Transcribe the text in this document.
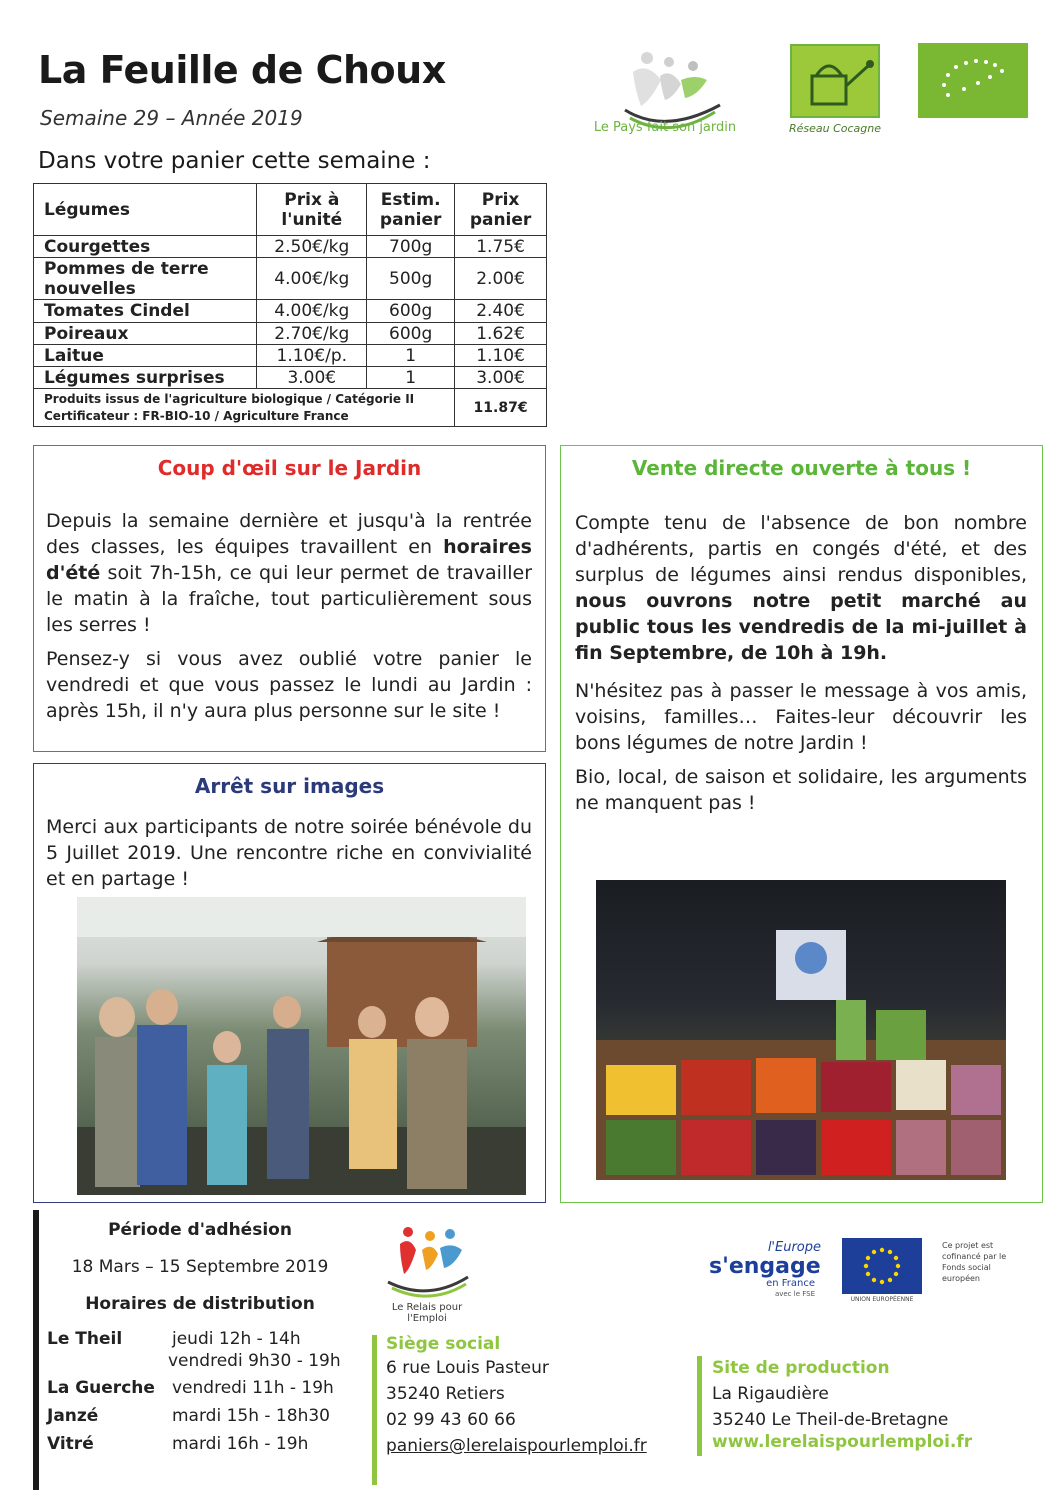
La Feuille de Choux
Semaine 29 – Année 2019
Dans votre panier cette semaine :
Le Pays fait son jardin	Réseau Cocagne
Légumes	Prix à l'unité	Estim. panier	Prix panier
Courgettes	2.50€/kg	700g	1.75€
Pommes de terre nouvelles	4.00€/kg	500g	2.00€
Tomates Cindel	4.00€/kg	600g	2.40€
Poireaux	2.70€/kg	600g	1.62€
Laitue	1.10€/p.	1	1.10€
Légumes surprises	3.00€	1	3.00€

Produits issus de l'agriculture biologique / Catégorie II
Certificateur : FR-BIO-10 / Agriculture France			11.87€
Coup d'œil sur le Jardin
Depuis la semaine dernière et jusqu'à la rentrée des classes, les équipes travaillent en horaires d'été soit 7h-15h, ce qui leur permet de travailler le matin à la fraîche, tout particulièrement sous les serres !
Pensez-y si vous avez oublié votre panier le vendredi et que vous passez le lundi au Jardin : après 15h, il n'y aura plus personne sur le site !
Arrêt sur images
Merci aux participants de notre soirée bénévole du 5 Juillet 2019. Une rencontre riche en convivialité et en partage !
Vente directe ouverte à tous !
Compte tenu de l'absence de bon nombre d'adhérents, partis en congés d'été, et des surplus de légumes ainsi rendus disponibles, nous ouvrons notre petit marché au public tous les vendredis de la mi-juillet à fin Septembre, de 10h à 19h.
N'hésitez pas à passer le message à vos amis, voisins, familles… Faites-leur découvrir les bons légumes de notre Jardin !
Bio, local, de saison et solidaire, les arguments ne manquent pas !
Période d'adhésion
18 Mars – 15 Septembre 2019
Horaires de distribution
Le Theil	jeudi 12h - 14h
vendredi 9h30 - 19h
La Guerche vendredi 11h - 19h
Janzé	mardi 15h - 18h30
Vitré	mardi 16h - 19h
Le Relais pour l'Emploi
Siège social
6 rue Louis Pasteur
35240 Retiers
02 99 43 60 66
paniers@lerelaispourlemploi.fr
l'Europe
s'engage
en France
avec le FSE
UNION EUROPÉENNE
Ce projet est cofinancé par le Fonds social européen
Site de production
La Rigaudière
35240 Le Theil-de-Bretagne
www.lerelaispourlemploi.fr
